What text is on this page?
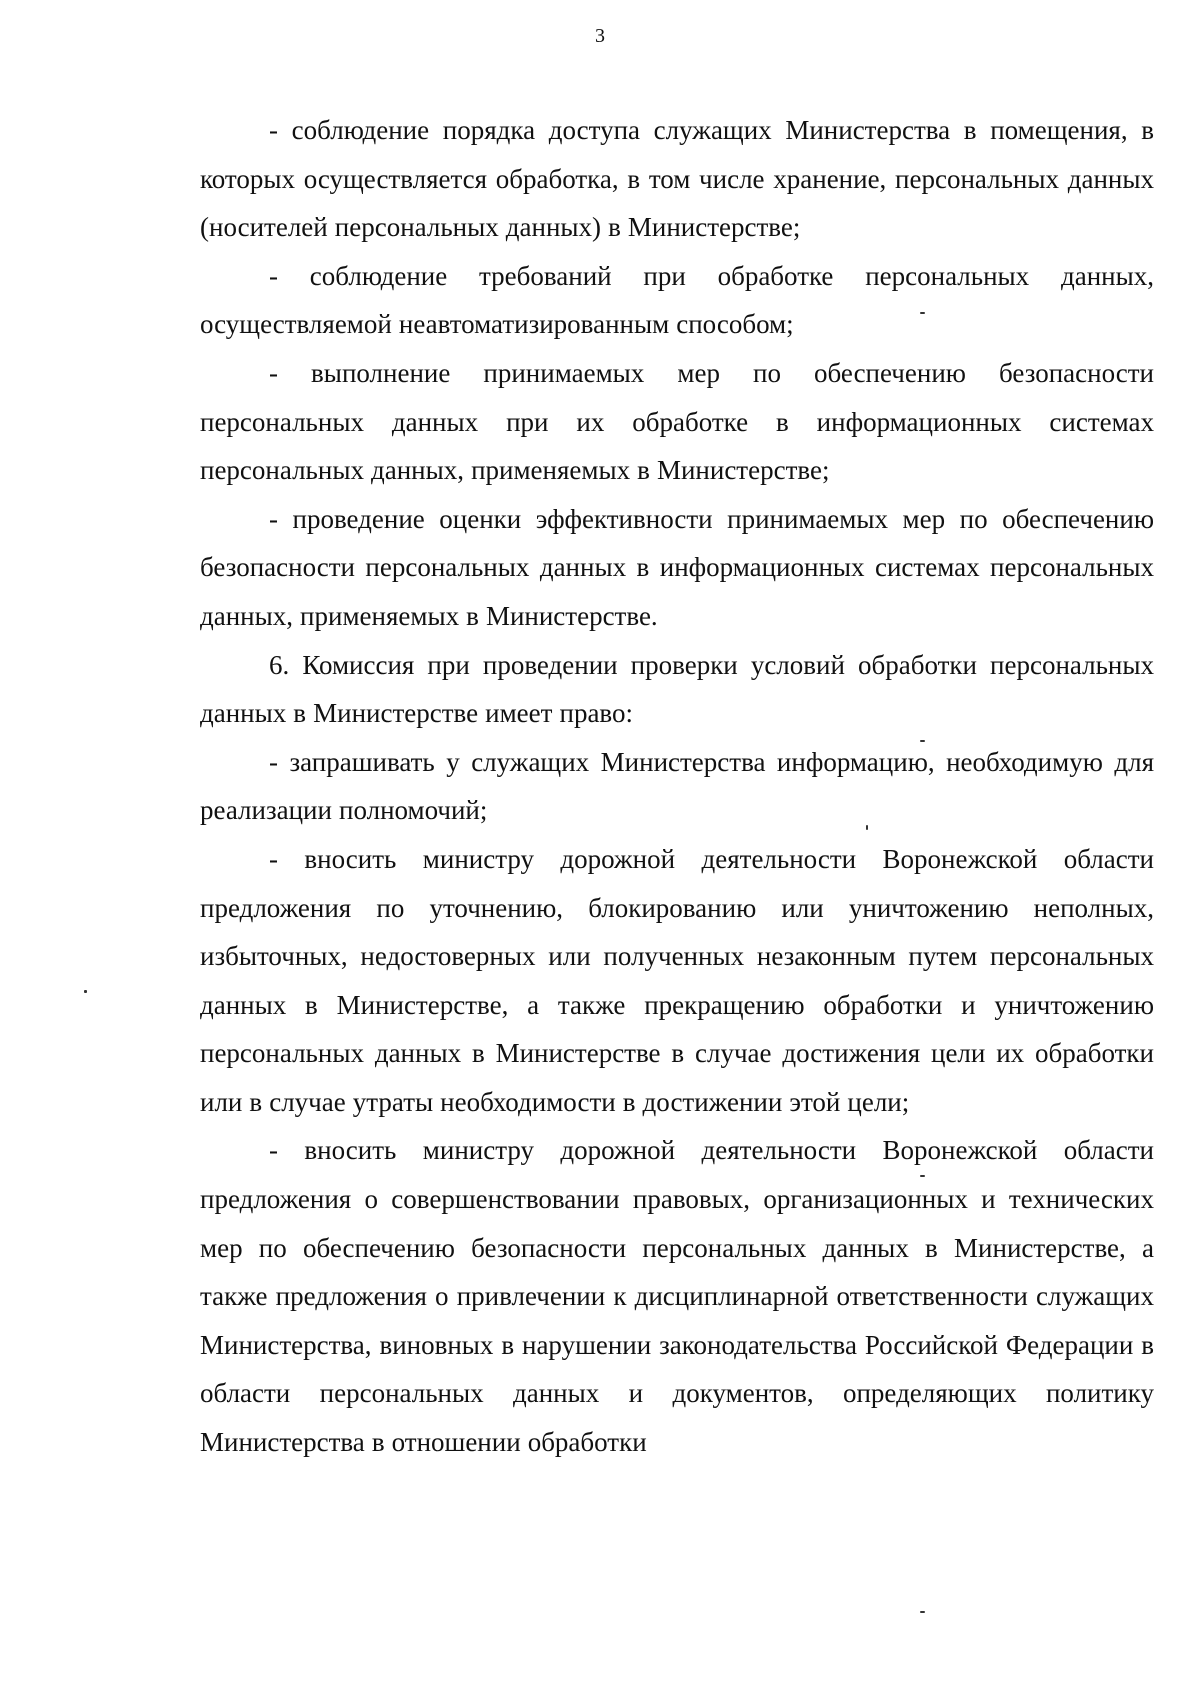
3

- соблюдение порядка доступа служащих Министерства в помещения, в которых осуществляется обработка, в том числе хранение, персональных данных (носителей персональных данных) в Министерстве;

- соблюдение требований при обработке персональных данных, осуществляемой неавтоматизированным способом;

- выполнение принимаемых мер по обеспечению безопасности персональных данных при их обработке в информационных системах персональных данных, применяемых в Министерстве;

- проведение оценки эффективности принимаемых мер по обеспечению безопасности персональных данных в информационных системах персональных данных, применяемых в Министерстве.

6. Комиссия при проведении проверки условий обработки персональных данных в Министерстве имеет право:

- запрашивать у служащих Министерства информацию, необходимую для реализации полномочий;

- вносить министру дорожной деятельности Воронежской области предложения по уточнению, блокированию или уничтожению неполных, избыточных, недостоверных или полученных незаконным путем персональных данных в Министерстве, а также прекращению обработки и уничтожению персональных данных в Министерстве в случае достижения цели их обработки или в случае утраты необходимости в достижении этой цели;

- вносить министру дорожной деятельности Воронежской области предложения о совершенствовании правовых, организационных и технических мер по обеспечению безопасности персональных данных в Министерстве, а также предложения о привлечении к дисциплинарной ответственности служащих Министерства, виновных в нарушении законодательства Российской Федерации в области персональных данных и документов, определяющих политику Министерства в отношении обработки
